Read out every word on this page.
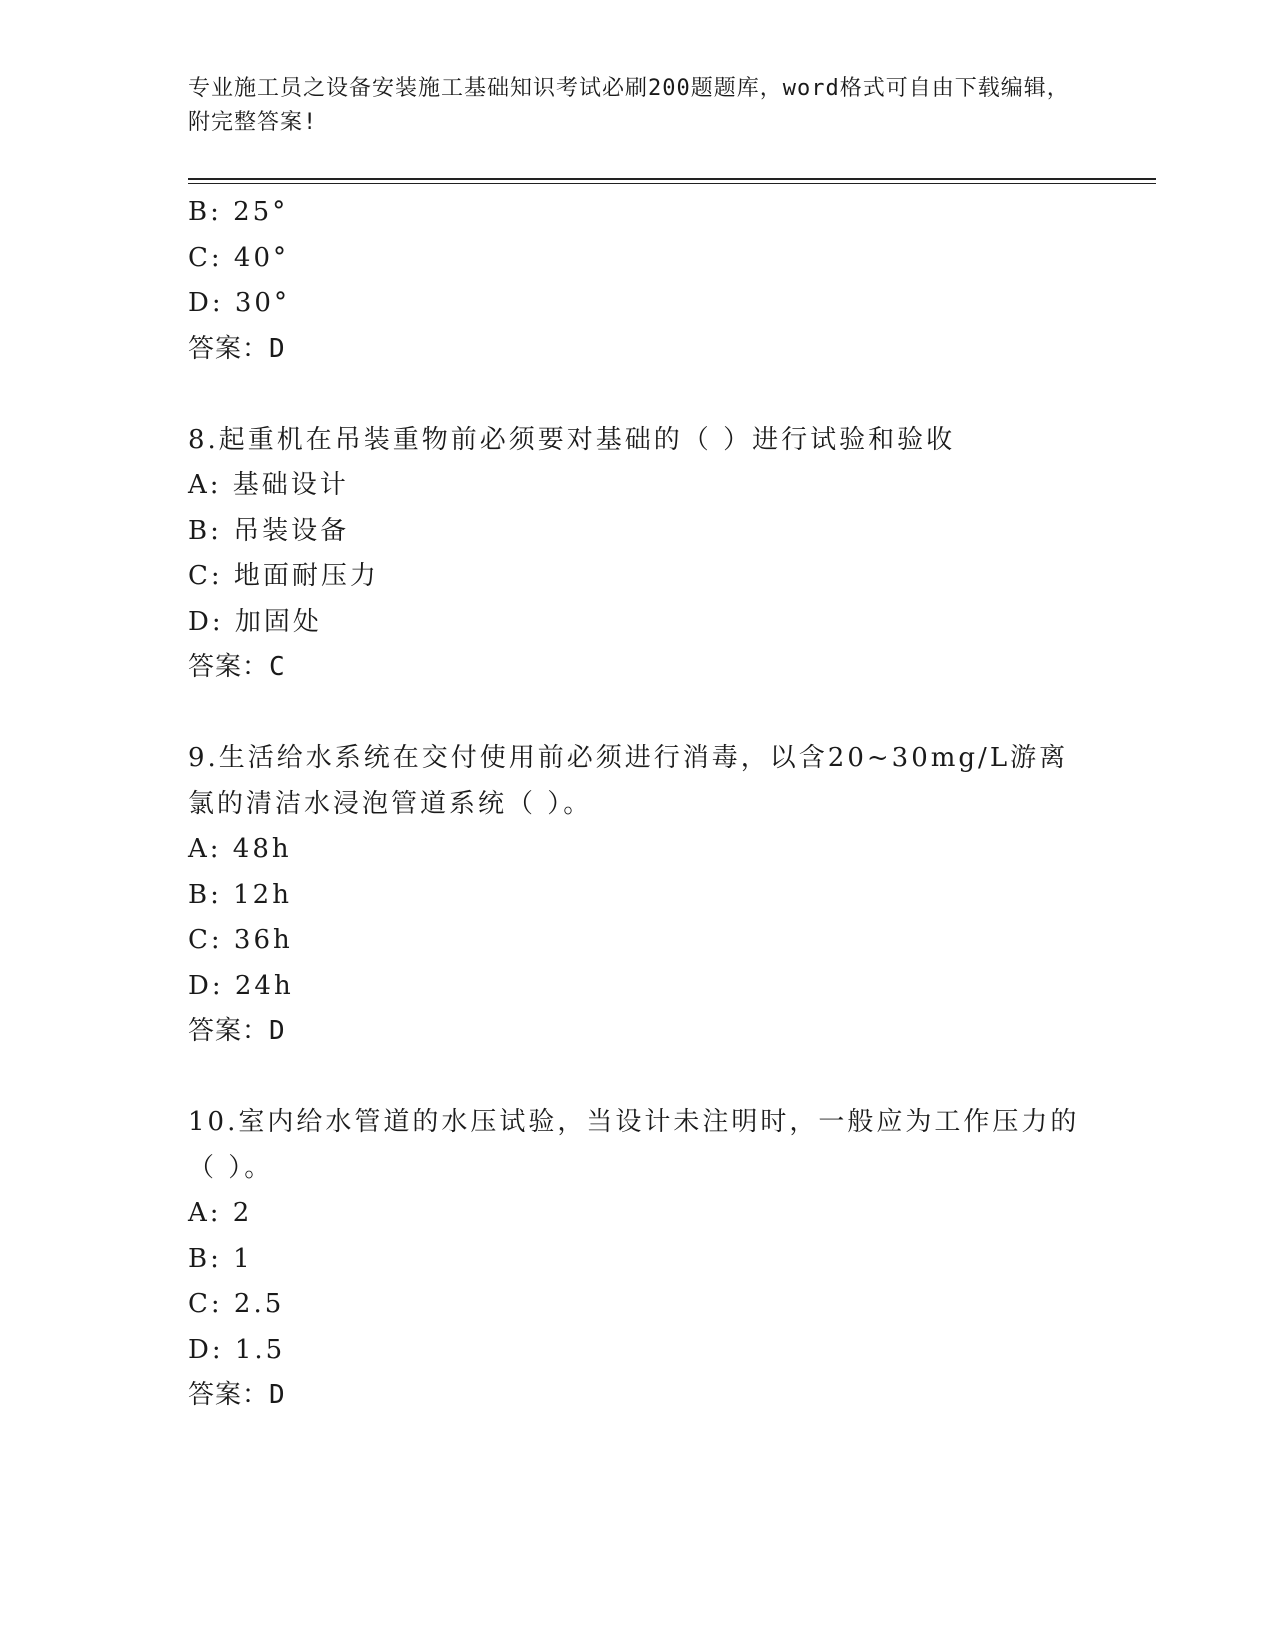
专业施工员之设备安装施工基础知识考试必刷200题题库，word格式可自由下载编辑，附完整答案!
B: 25°
C: 40°
D: 30°
答案：D
8.起重机在吊装重物前必须要对基础的（ ）进行试验和验收
A: 基础设计
B: 吊装设备
C: 地面耐压力
D: 加固处
答案：C
9.生活给水系统在交付使用前必须进行消毒，以含20~30mg/L游离氯的清洁水浸泡管道系统（ ）。
A: 48h
B: 12h
C: 36h
D: 24h
答案：D
10.室内给水管道的水压试验，当设计未注明时，一般应为工作压力的（ ）。
A: 2
B: 1
C: 2.5
D: 1.5
答案：D
